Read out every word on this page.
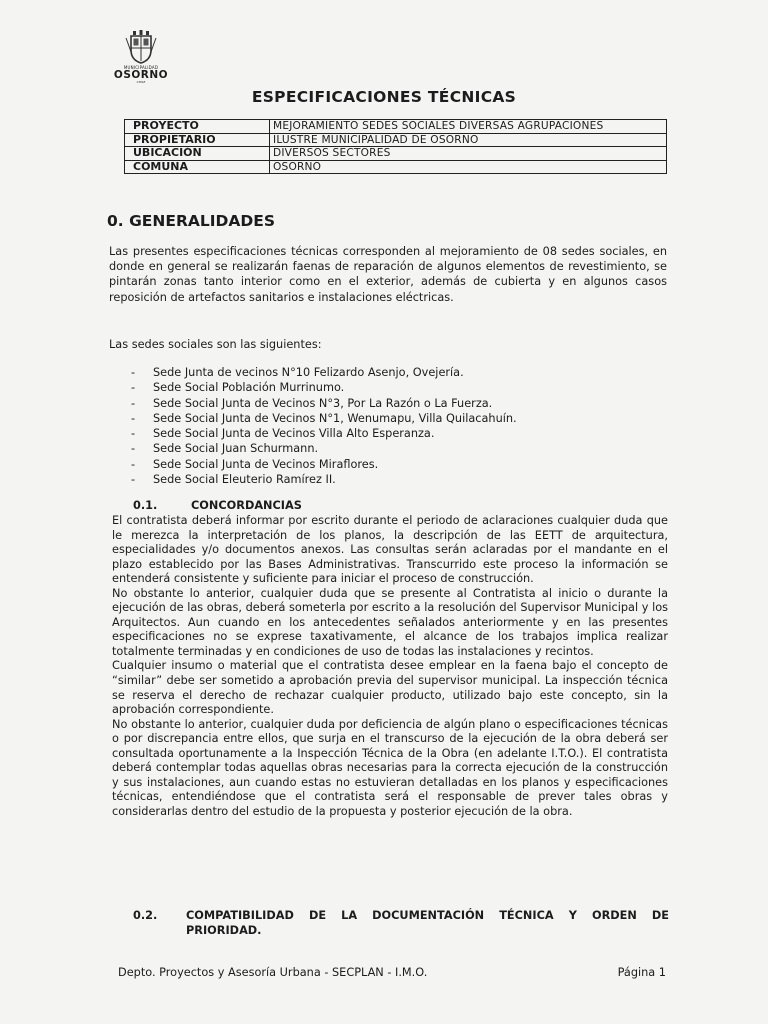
MUNICIPALIDAD
OSORNO
CHILE
ESPECIFICACIONES TÉCNICAS
PROYECTO	MEJORAMIENTO SEDES SOCIALES DIVERSAS AGRUPACIONES
PROPIETARIO	ILUSTRE MUNICIPALIDAD DE OSORNO
UBICACIÓN	DIVERSOS SECTORES
COMUNA	OSORNO
0. GENERALIDADES

Las presentes especificaciones técnicas corresponden al mejoramiento de 08 sedes sociales, en donde en general se realizarán faenas de reparación de algunos elementos de revestimiento, se pintarán zonas tanto interior como en el exterior, además de cubierta y en algunos casos reposición de artefactos sanitarios e instalaciones eléctricas.

Las sedes sociales son las siguientes:

- Sede Junta de vecinos N°10 Felizardo Asenjo, Ovejería.
- Sede Social Población Murrinumo.
- Sede Social Junta de Vecinos N°3, Por La Razón o La Fuerza.
- Sede Social Junta de Vecinos N°1, Wenumapu, Villa Quilacahuín.
- Sede Social Junta de Vecinos Villa Alto Esperanza.
- Sede Social Juan Schurmann.
- Sede Social Junta de Vecinos Miraflores.
- Sede Social Eleuterio Ramírez II.
0.1.	CONCORDANCIAS

El contratista deberá informar por escrito durante el periodo de aclaraciones cualquier duda que le merezca la interpretación de los planos, la descripción de las EETT de arquitectura, especialidades y/o documentos anexos. Las consultas serán aclaradas por el mandante en el plazo establecido por las Bases Administrativas. Transcurrido este proceso la información se entenderá consistente y suficiente para iniciar el proceso de construcción.

No obstante lo anterior, cualquier duda que se presente al Contratista al inicio o durante la ejecución de las obras, deberá someterla por escrito a la resolución del Supervisor Municipal y los Arquitectos. Aun cuando en los antecedentes señalados anteriormente y en las presentes especificaciones no se exprese taxativamente, el alcance de los trabajos implica realizar totalmente terminadas y en condiciones de uso de todas las instalaciones y recintos.

Cualquier insumo o material que el contratista desee emplear en la faena bajo el concepto de “similar” debe ser sometido a aprobación previa del supervisor municipal. La inspección técnica se reserva el derecho de rechazar cualquier producto, utilizado bajo este concepto, sin la aprobación correspondiente.

No obstante lo anterior, cualquier duda por deficiencia de algún plano o especificaciones técnicas o por discrepancia entre ellos, que surja en el transcurso de la ejecución de la obra deberá ser consultada oportunamente a la Inspección Técnica de la Obra (en adelante I.T.O.). El contratista deberá contemplar todas aquellas obras necesarias para la correcta ejecución de la construcción y sus instalaciones, aun cuando estas no estuvieran detalladas en los planos y especificaciones técnicas, entendiéndose que el contratista será el responsable de prever tales obras y considerarlas dentro del estudio de la propuesta y posterior ejecución de la obra.

0.2.	COMPATIBILIDAD DE LA DOCUMENTACIÓN TÉCNICA Y ORDEN DE PRIORIDAD.
Depto. Proyectos y Asesoría Urbana - SECPLAN - I.M.O.	Página 1
